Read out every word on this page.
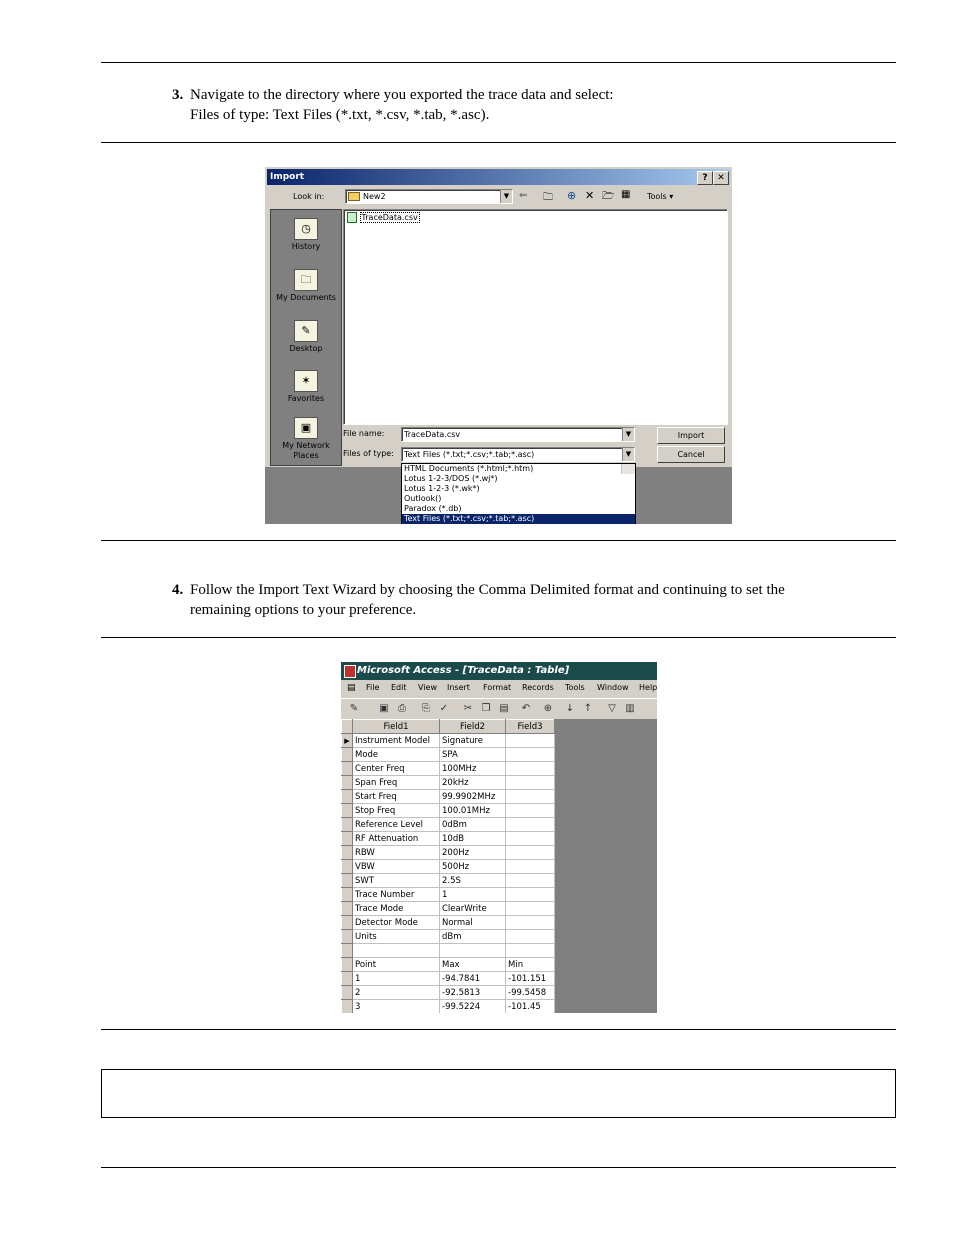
3. Navigate to the directory where you exported the trace data and select:
Files of type: Text Files (*.txt, *.csv, *.tab, *.asc).
Import	?	✕
Look in:	New2	▼ ⇐ 🗀 ⊕ ✕ 🗁 ▦ Tools ▾
◷
History
🗀
My Documents
✎
Desktop
✶
Favorites
▣
My Network Places
TraceData.csv
File name:	TraceData.csv	▼
Files of type:	Text Files (*.txt;*.csv;*.tab;*.asc)	▼
Import
Cancel
HTML Documents (*.html;*.htm)
Lotus 1-2-3/DOS (*.wj*)
Lotus 1-2-3 (*.wk*)
Outlook()
Paradox (*.db)
Text Files (*.txt;*.csv;*.tab;*.asc)
4. Follow the Import Text Wizard by choosing the Comma Delimited format and continuing to set the
remaining options to your preference.
Microsoft Access - [TraceData : Table]
▤ File Edit View Insert Format Records Tools Window Help
✎ ▣ ⎙	⎘ ✓ ✂ ❐ ▤ ↶ ⊕ ↓ ↑	▽ ▥
	Field1	Field2	Field3
▶	Instrument Model	Signature	
	Mode	SPA	
	Center Freq	100MHz	
	Span Freq	20kHz	
	Start Freq	99.9902MHz	
	Stop Freq	100.01MHz	
	Reference Level	0dBm	
	RF Attenuation	10dB	
	RBW	200Hz	
	VBW	500Hz	
	SWT	2.5S	
	Trace Number	1	
	Trace Mode	ClearWrite	
	Detector Mode	Normal	
	Units	dBm	

	Point	Max	Min
	1	-94.7841	-101.151
	2	-92.5813	-99.5458
	3	-99.5224	-101.45
